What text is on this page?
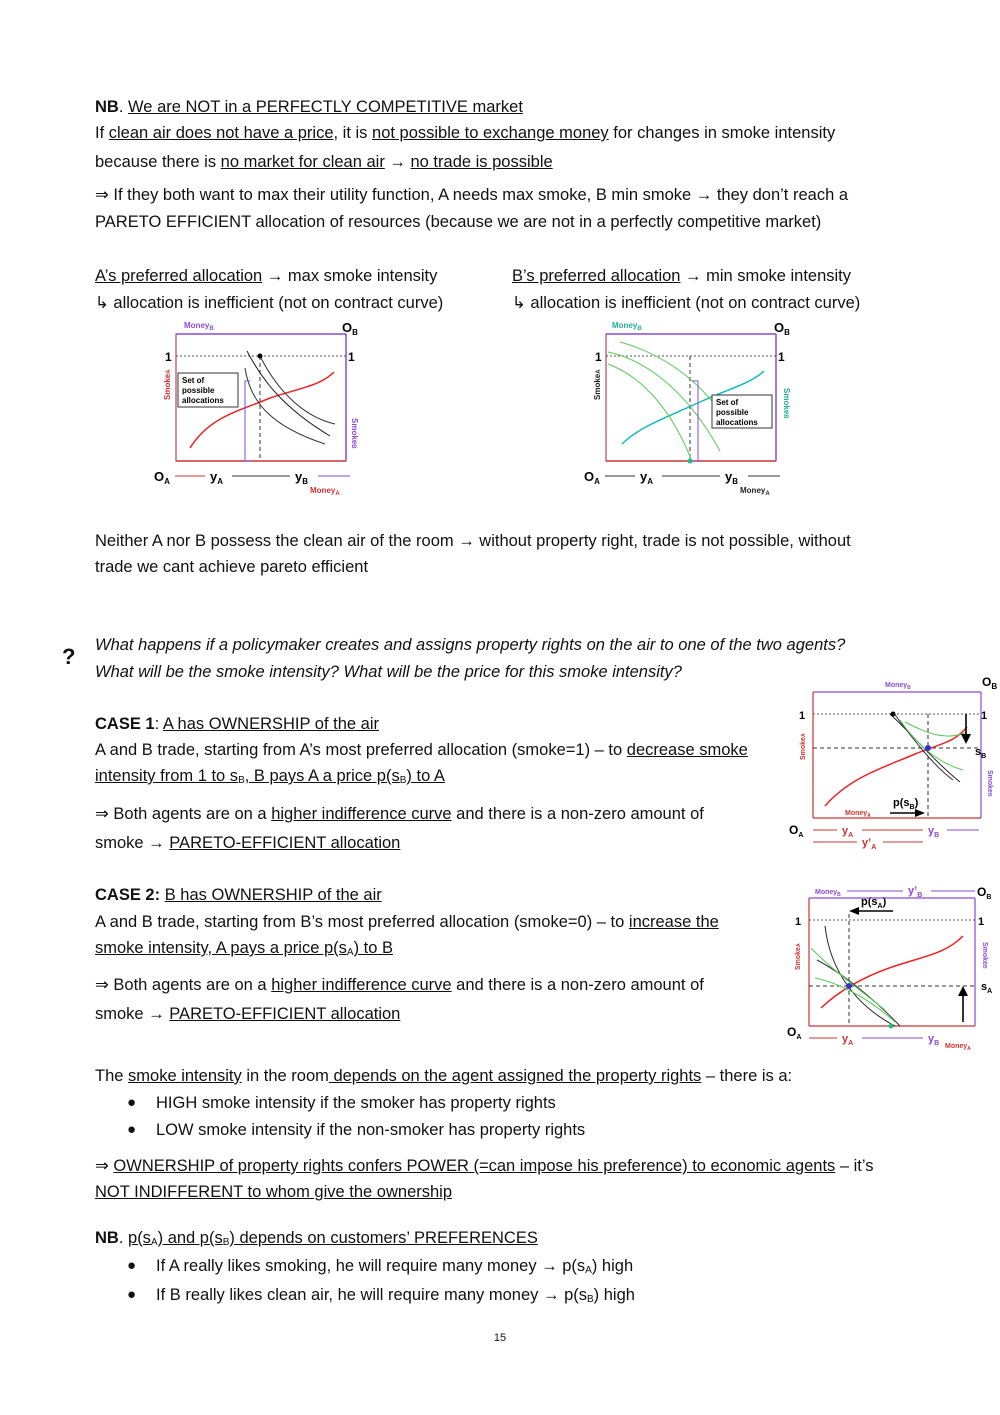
NB. We are NOT in a PERFECTLY COMPETITIVE market
If clean air does not have a price, it is not possible to exchange money for changes in smoke intensity
because there is no market for clean air → no trade is possible
⇒ If they both want to max their utility function, A needs max smoke, B min smoke → they don’t reach a
PARETO EFFICIENT allocation of resources (because we are not in a perfectly competitive market)
A’s preferred allocation → max smoke intensity
↳ allocation is inefficient (not on contract curve)
B’s preferred allocation → min smoke intensity
↳ allocation is inefficient (not on contract curve)
Money$_B$	$O_B$
1	1
SmokeA
Set of
possible
allocations
SmokeB
$O_A$	$y_A$	$y_B$
Money$_A$
Money$_B$	$O_B$
1	1
SmokeA
Set of
possible
allocations
SmokeB
$O_A$	$y_A$	$y_B$
Money$_A$
Neither A nor B possess the clean air of the room → without property right, trade is not possible, without
trade we cant achieve pareto efficient
? What happens if a policymaker creates and assigns property rights on the air to one of the two agents?
What will be the smoke intensity? What will be the price for this smoke intensity?
CASE 1: A has OWNERSHIP of the air
A and B trade, starting from A’s most preferred allocation (smoke=1) – to decrease smoke
intensity from 1 to $s_B$, B pays A a price $p(s_B)$ to A
⇒ Both agents are on a higher indifference curve and there is a non-zero amount of
smoke → PARETO-EFFICIENT allocation
Money$_B$	$O_B$
1	1
SmokeA
$s_B$
SmokeB
$p(s_B)$
Money$_A$
$O_A$	$y_A$	$y_B$
$y’_A$
CASE 2: B has OWNERSHIP of the air
A and B trade, starting from B’s most preferred allocation (smoke=0) – to increase the
smoke intensity, A pays a price $p(s_A)$ to B
⇒ Both agents are on a higher indifference curve and there is a non-zero amount of
smoke → PARETO-EFFICIENT allocation
Money$_B$	$y’_B$	$O_B$
$p(s_A)$
1	1
SmokeA	SmokeB
$s_A$
$O_A$	$y_A$	$y_B$ Money$_A$
The smoke intensity in the room depends on the agent assigned the property rights – there is a:
● HIGH smoke intensity if the smoker has property rights
● LOW smoke intensity if the non-smoker has property rights
⇒ OWNERSHIP of property rights confers POWER (=can impose his preference) to economic agents – it’s
NOT INDIFFERENT to whom give the ownership
NB. $p(s_A)$ and $p(s_B)$ depends on customers’ PREFERENCES
● If A really likes smoking, he will require many money → $p(s_A)$ high
● If B really likes clean air, he will require many money → $p(s_B)$ high
15
